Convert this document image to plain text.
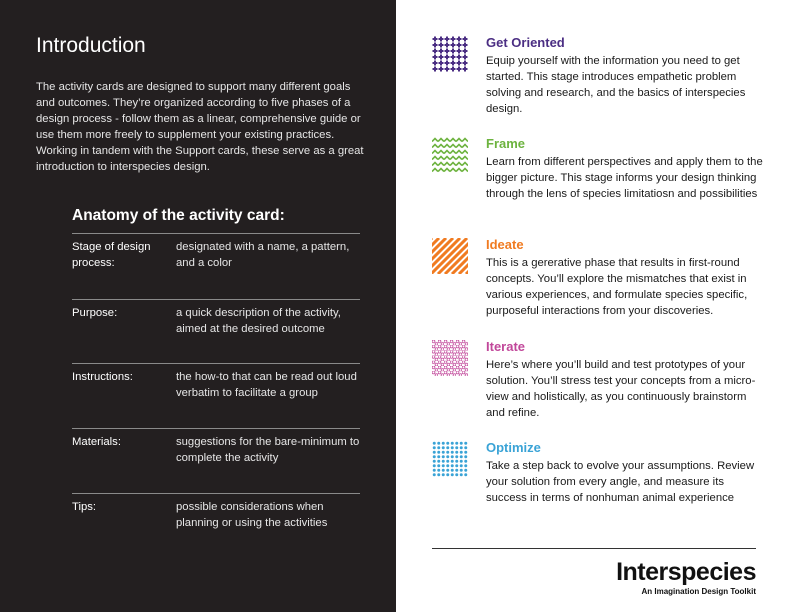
Introduction

The activity cards are designed to support many different goals and outcomes. They’re organized according to five phases of a design process - follow them as a linear, comprehensive guide or use them more freely to supplement your existing practices. Working in tandem with the Support cards, these serve as a great introduction to interspecies design.

Anatomy of the activity card:
Stage of design process:
designated with a name, a pattern, and a color
Purpose:	a quick description of the activity, aimed at the desired outcome
Instructions:	the how-to that can be read out loud verbatim to facilitate a group
Materials:	suggestions for the bare-minimum to complete the activity
Tips:	possible considerations when planning or using the activities
Get Oriented
Equip yourself with the information you need to get started. This stage introduces empathetic problem solving and research, and the basics of interspecies design.
Frame
Learn from different perspectives and apply them to the bigger picture. This stage informs your design thinking through the lens of species limitatiosn and possibilities
Ideate
This is a gererative phase that results in first-round concepts. You’ll explore the mismatches that exist in various experiences, and formulate species specific, purposeful interactions from your discoveries.
Iterate
Here’s where you’ll build and test prototypes of your solution. You’ll stress test your concepts from a micro-view and holistically, as you continuously brainstorm and refine.
Optimize
Take a step back to evolve your assumptions. Review your solution from every angle, and measure its success in terms of nonhuman animal experience
Interspecies
An Imagination Design Toolkit
